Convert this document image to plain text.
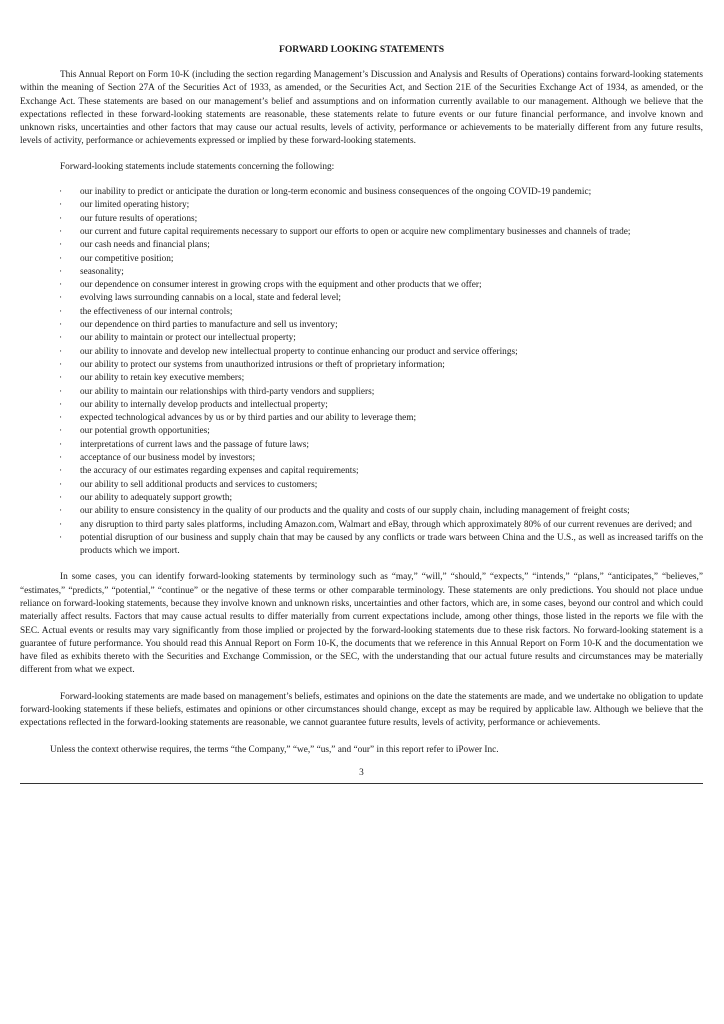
FORWARD LOOKING STATEMENTS

This Annual Report on Form 10-K (including the section regarding Management’s Discussion and Analysis and Results of Operations) contains forward-looking statements within the meaning of Section 27A of the Securities Act of 1933, as amended, or the Securities Act, and Section 21E of the Securities Exchange Act of 1934, as amended, or the Exchange Act. These statements are based on our management’s belief and assumptions and on information currently available to our management. Although we believe that the expectations reflected in these forward-looking statements are reasonable, these statements relate to future events or our future financial performance, and involve known and unknown risks, uncertainties and other factors that may cause our actual results, levels of activity, performance or achievements to be materially different from any future results, levels of activity, performance or achievements expressed or implied by these forward-looking statements.

Forward-looking statements include statements concerning the following:

· our inability to predict or anticipate the duration or long-term economic and business consequences of the ongoing COVID-19 pandemic;
· our limited operating history;
· our future results of operations;
· our current and future capital requirements necessary to support our efforts to open or acquire new complimentary businesses and channels of trade;
· our cash needs and financial plans;
· our competitive position;
· seasonality;
· our dependence on consumer interest in growing crops with the equipment and other products that we offer;
· evolving laws surrounding cannabis on a local, state and federal level;
· the effectiveness of our internal controls;
· our dependence on third parties to manufacture and sell us inventory;
· our ability to maintain or protect our intellectual property;
· our ability to innovate and develop new intellectual property to continue enhancing our product and service offerings;
· our ability to protect our systems from unauthorized intrusions or theft of proprietary information;
· our ability to retain key executive members;
· our ability to maintain our relationships with third-party vendors and suppliers;
· our ability to internally develop products and intellectual property;
· expected technological advances by us or by third parties and our ability to leverage them;
· our potential growth opportunities;
· interpretations of current laws and the passage of future laws;
· acceptance of our business model by investors;
· the accuracy of our estimates regarding expenses and capital requirements;
· our ability to sell additional products and services to customers;
· our ability to adequately support growth;
· our ability to ensure consistency in the quality of our products and the quality and costs of our supply chain, including management of freight costs;
· any disruption to third party sales platforms, including Amazon.com, Walmart and eBay, through which approximately 80% of our current revenues are derived; and
· potential disruption of our business and supply chain that may be caused by any conflicts or trade wars between China and the U.S., as well as increased tariffs on the products which we import.

In some cases, you can identify forward-looking statements by terminology such as “may,” “will,” “should,” “expects,” “intends,” “plans,” “anticipates,” “believes,” “estimates,” “predicts,” “potential,” “continue” or the negative of these terms or other comparable terminology. These statements are only predictions. You should not place undue reliance on forward-looking statements, because they involve known and unknown risks, uncertainties and other factors, which are, in some cases, beyond our control and which could materially affect results. Factors that may cause actual results to differ materially from current expectations include, among other things, those listed in the reports we file with the SEC. Actual events or results may vary significantly from those implied or projected by the forward-looking statements due to these risk factors. No forward-looking statement is a guarantee of future performance. You should read this Annual Report on Form 10-K, the documents that we reference in this Annual Report on Form 10-K and the documentation we have filed as exhibits thereto with the Securities and Exchange Commission, or the SEC, with the understanding that our actual future results and circumstances may be materially different from what we expect.

Forward-looking statements are made based on management’s beliefs, estimates and opinions on the date the statements are made, and we undertake no obligation to update forward-looking statements if these beliefs, estimates and opinions or other circumstances should change, except as may be required by applicable law. Although we believe that the expectations reflected in the forward-looking statements are reasonable, we cannot guarantee future results, levels of activity, performance or achievements.

Unless the context otherwise requires, the terms “the Company,” “we,” “us,” and “our” in this report refer to iPower Inc.

3
